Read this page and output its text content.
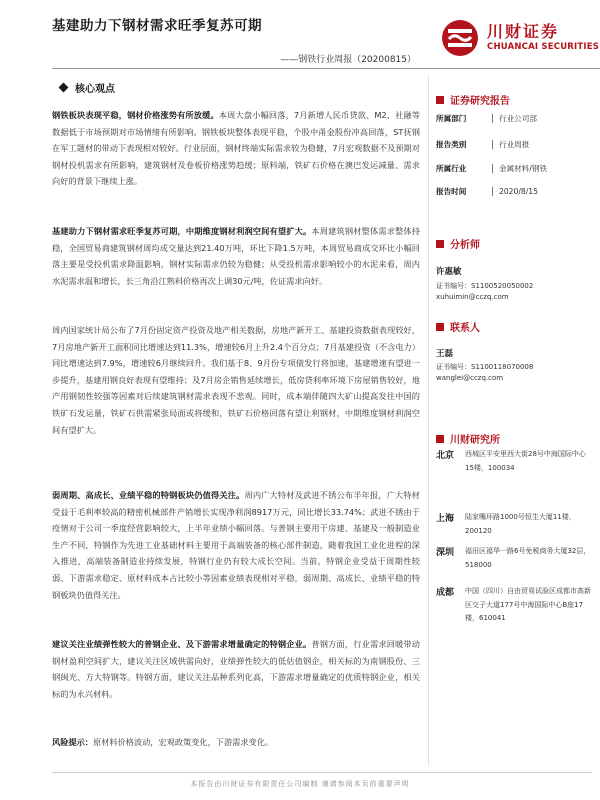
基建助力下钢材需求旺季复苏可期
——钢铁行业周报（20200815）
川财证券
CHUANCAI SECURITIES
核心观点

钢铁板块表现平稳，钢材价格涨势有所放缓。本周大盘小幅回落，7月新增人民币贷款、M2、社融等数据低于市场预期对市场情绪有所影响。钢铁板块整体表现平稳，个股中甬金股份冲高回落，ST抚钢在军工题材的带动下表现相对较好。行业层面，钢材终端实际需求较为稳健，7月宏观数据不及预期对钢材投机需求有所影响，建筑钢材及卷板价格涨势趋缓；原料端，铁矿石价格在澳巴发运减量、需求向好的背景下继续上涨。

基建助力下钢材需求旺季复苏可期，中期维度钢材利润空间有望扩大。本周建筑钢材整体需求整体持稳，全国贸易商建筑钢材周均成交量达到21.40万吨，环比下降1.5万吨，本周贸易商成交环比小幅回落主要是受投机需求降温影响，钢材实际需求仍较为稳健；从受投机需求影响较小的水泥来看，周内水泥需求温和增长，长三角沿江熟料价格再次上调30元/吨，佐证需求向好。

周内国家统计局公布了7月份固定资产投资及地产相关数据，房地产新开工、基建投资数据表现较好，7月房地产新开工面积同比增速达到11.3%，增速较6月上升2.4个百分点；7月基建投资（不含电力）同比增速达到7.9%，增速较6月继续回升。我们基于8、9月份专项债发行将加速，基建增速有望进一步提升，基建用钢良好表现有望维持；及7月房企销售延续增长，低房贷利率环境下房屋销售较好，地产用钢韧性较强等因素对后续建筑钢材需求表现不悲观。同时，成本端伴随四大矿山提高发往中国的铁矿石发运量，铁矿石供需紧张局面或将缓和，铁矿石价格回落有望让利钢材，中期维度钢材利润空间有望扩大。

弱周期、高成长、业绩平稳的特钢板块仍值得关注。周内广大特材及武进不锈公布半年报，广大特材受益于毛利率较高的精密机械部件产销增长实现净利润8917万元，同比增长33.74%；武进不锈由于疫情对于公司一季度经营影响较大，上半年业绩小幅回落。与普钢主要用于房建、基建及一般制造业生产不同，特钢作为先进工业基础材料主要用于高端装备的核心部件制造，随着我国工业化进程的深入推进，高端装备制造业持续发展，特钢行业仍有较大成长空间。当前，特钢企业受益于周期性较弱、下游需求稳定、原材料成本占比较小等因素业绩表现相对平稳，弱周期、高成长、业绩平稳的特钢板块仍值得关注。

建议关注业绩弹性较大的普钢企业、及下游需求增量确定的特钢企业。普钢方面，行业需求回暖带动钢材盈利空间扩大，建议关注区域供需向好，业绩弹性较大的低估值钢企，相关标的为南钢股份、三钢闽光、方大特钢等。特钢方面，建议关注品种系列化高，下游需求增量确定的优质特钢企业，相关标的为永兴材料。

风险提示：原材料价格波动，宏观政策变化，下游需求变化。

证券研究报告
所属部门	行业公司部
报告类别	行业周报
所属行业	金属材料/钢铁
报告时间	2020/8/15
分析师
许惠敏
证书编号：S1100520050002
xuhuimin@cczq.com
联系人
王磊
证书编号：S1100118070008
wanglei@cczq.com
川财研究所
北京 西城区平安里西大街28号中海国际中心15楼，100034

上海 陆家嘴环路1000号恒生大厦11楼，200120

深圳 福田区福华一路6号免税商务大厦32层，518000

成都 中国（四川）自由贸易试验区成都市高新区交子大道177号中海国际中心B座17楼，610041

本报告由川财证券有限责任公司编制 谨请参阅本页的重要声明
